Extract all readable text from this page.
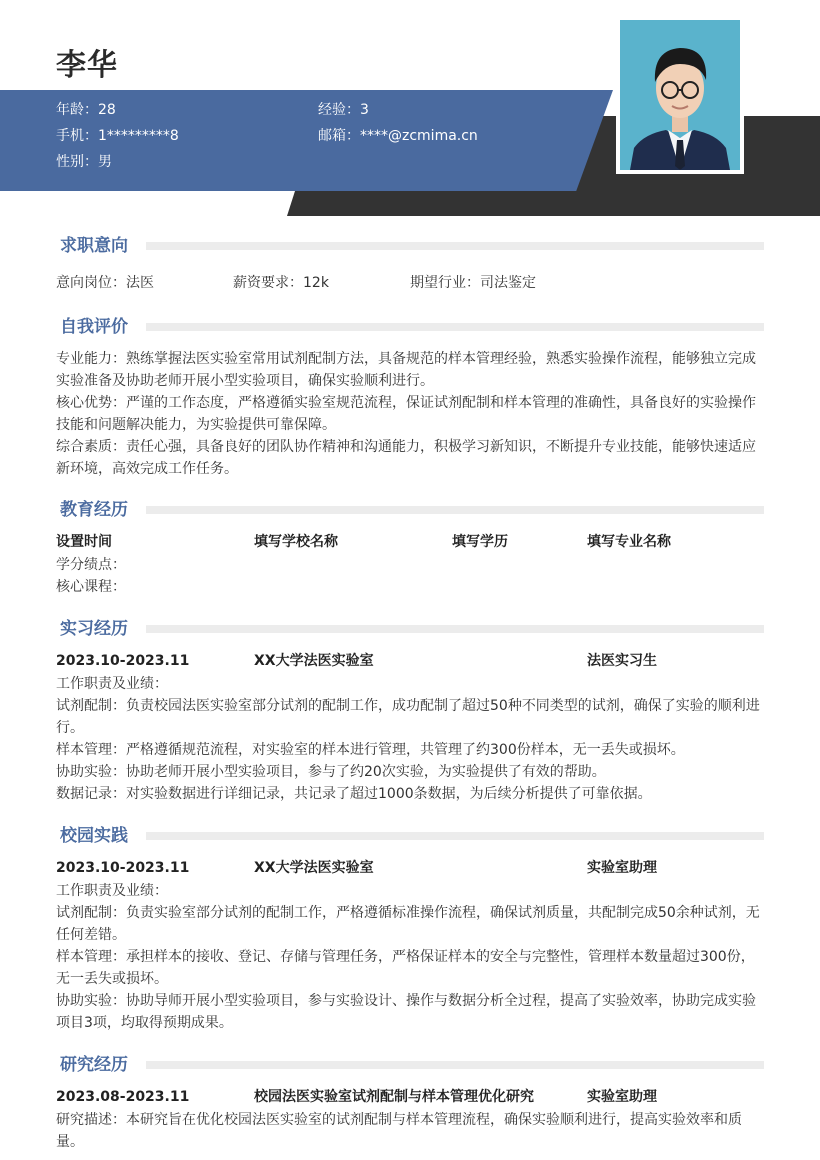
李华
年龄：28	经验：3
手机：1*********8	邮箱：****@zcmima.cn
性别：男
求职意向
意向岗位：法医	薪资要求：12k	期望行业：司法鉴定
自我评价
专业能力：熟练掌握法医实验室常用试剂配制方法，具备规范的样本管理经验，熟悉实验操作流程，能够独立完成
实验准备及协助老师开展小型实验项目，确保实验顺利进行。
核心优势：严谨的工作态度，严格遵循实验室规范流程，保证试剂配制和样本管理的准确性，具备良好的实验操作
技能和问题解决能力，为实验提供可靠保障。
综合素质：责任心强，具备良好的团队协作精神和沟通能力，积极学习新知识，不断提升专业技能，能够快速适应
新环境，高效完成工作任务。
教育经历
设置时间	填写学校名称	填写学历	填写专业名称
学分绩点：
核心课程：
实习经历
2023.10-2023.11	XX大学法医实验室	法医实习生
工作职责及业绩：
试剂配制：负责校园法医实验室部分试剂的配制工作，成功配制了超过50种不同类型的试剂，确保了实验的顺利进
行。
样本管理：严格遵循规范流程，对实验室的样本进行管理，共管理了约300份样本，无一丢失或损坏。
协助实验：协助老师开展小型实验项目，参与了约20次实验，为实验提供了有效的帮助。
数据记录：对实验数据进行详细记录，共记录了超过1000条数据，为后续分析提供了可靠依据。
校园实践
2023.10-2023.11	XX大学法医实验室	实验室助理
工作职责及业绩：
试剂配制：负责实验室部分试剂的配制工作，严格遵循标准操作流程，确保试剂质量，共配制完成50余种试剂，无
任何差错。
样本管理：承担样本的接收、登记、存储与管理任务，严格保证样本的安全与完整性，管理样本数量超过300份，
无一丢失或损坏。
协助实验：协助导师开展小型实验项目，参与实验设计、操作与数据分析全过程，提高了实验效率，协助完成实验
项目3项，均取得预期成果。
研究经历
2023.08-2023.11	校园法医实验室试剂配制与样本管理优化研究	实验室助理
研究描述：本研究旨在优化校园法医实验室的试剂配制与样本管理流程，确保实验顺利进行，提高实验效率和质
量。
